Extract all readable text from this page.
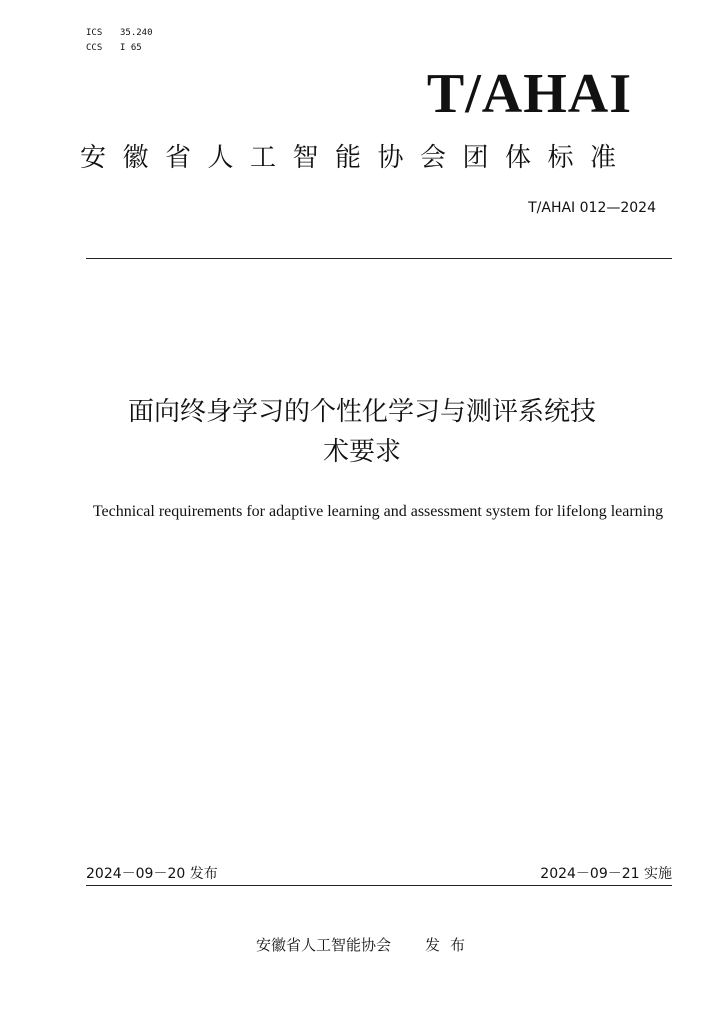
ICS 35.240
CCS I 65
T/AHAI
安徽省人工智能协会团体标准
T/AHAI 012—2024
面向终身学习的个性化学习与测评系统技
术要求
Technical requirements for adaptive learning and assessment system for lifelong learning
2024－09－20 发布	2024－09－21 实施
安徽省人工智能协会 发布
